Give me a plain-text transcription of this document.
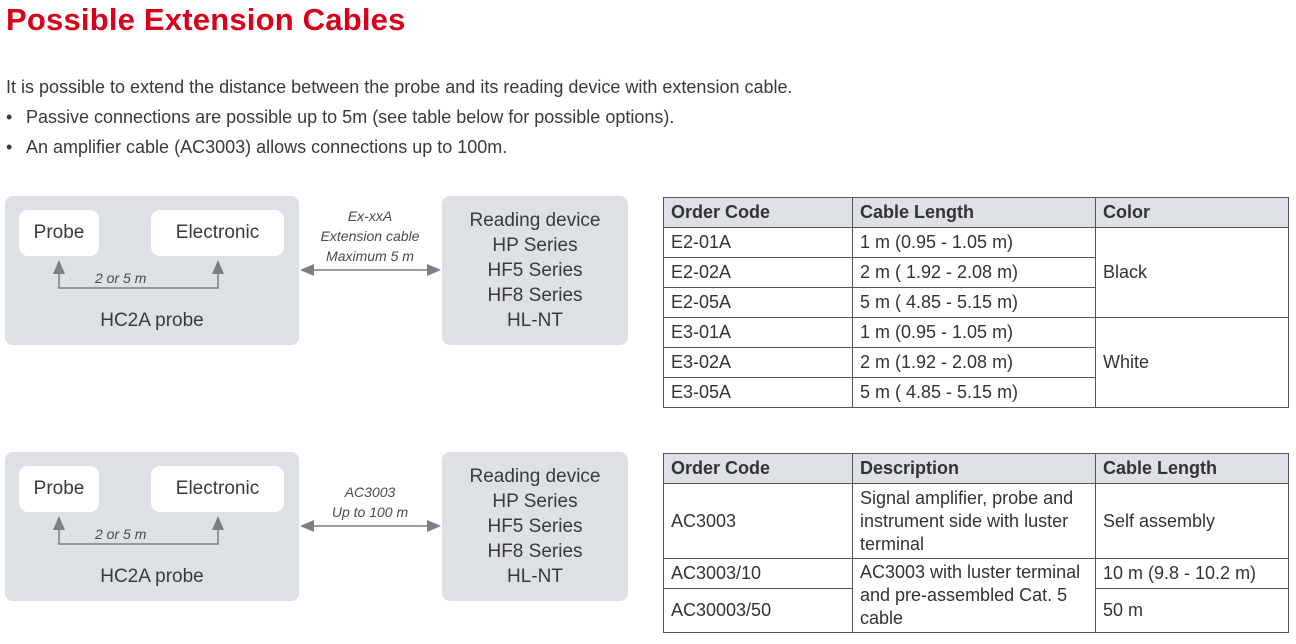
Possible Extension Cables
It is possible to extend the distance between the probe and its reading device with extension cable.
• Passive connections are possible up to 5m (see table below for possible options).
• An amplifier cable (AC3003) allows connections up to 100m.
Probe	Electronic
2 or 5 m
HC2A probe
Ex-xxA
Extension cable
Maximum 5 m
Reading device
HP Series
HF5 Series
HF8 Series
HL-NT
Probe	Electronic
2 or 5 m
HC2A probe
AC3003
Up to 100 m
Reading device
HP Series
HF5 Series
HF8 Series
HL-NT
Order Code	Cable Length	Color
E2-01A	1 m (0.95 - 1.05 m)	Black
E2-02A	2 m ( 1.92 - 2.08 m)	
E2-05A	5 m ( 4.85 - 5.15 m)	
E3-01A	1 m (0.95 - 1.05 m)	White
E3-02A	2 m (1.92 - 2.08 m)	
E3-05A	5 m ( 4.85 - 5.15 m)	
Order Code	Description	Cable Length
AC3003	Signal amplifier, probe and instrument side with luster terminal	Self assembly
AC3003/10	AC3003 with luster terminal and pre-assembled Cat. 5 cable	10 m (9.8 - 10.2 m)
AC30003/50		50 m
